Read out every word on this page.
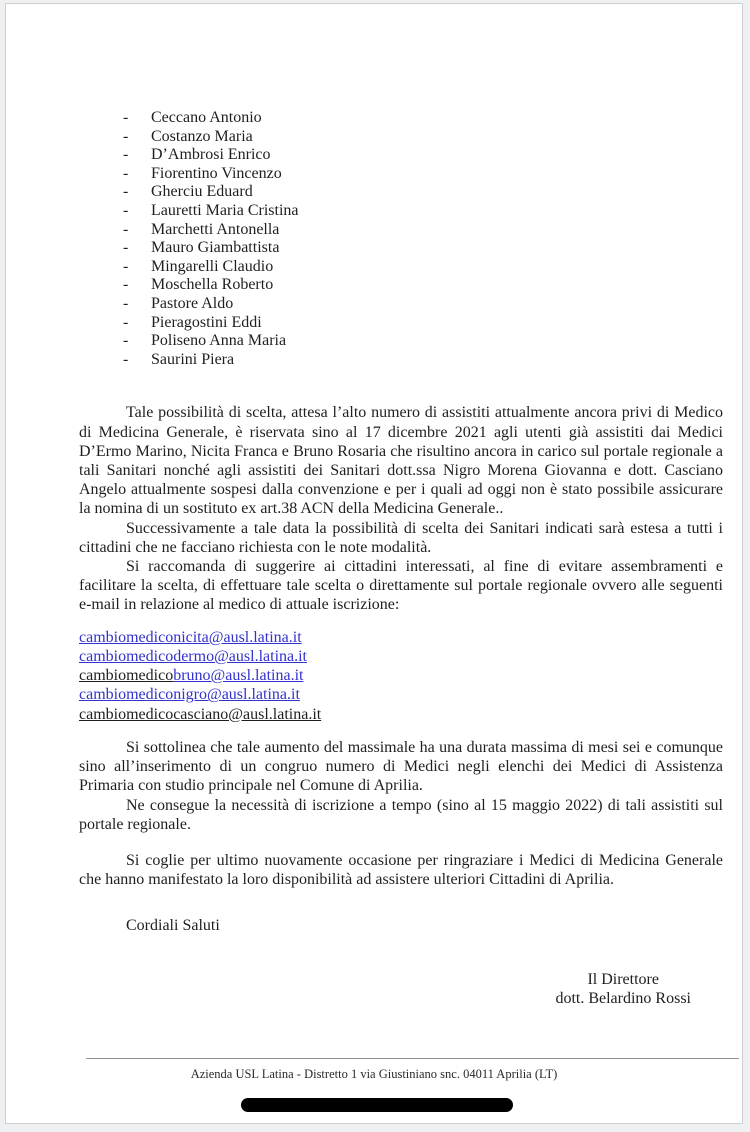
-	Ceccano Antonio
-	Costanzo Maria
-	D’Ambrosi Enrico
-	Fiorentino Vincenzo
-	Gherciu Eduard
-	Lauretti Maria Cristina
-	Marchetti Antonella
-	Mauro Giambattista
-	Mingarelli Claudio
-	Moschella Roberto
-	Pastore Aldo
-	Pieragostini Eddi
-	Poliseno Anna Maria
-	Saurini Piera

Tale possibilità di scelta, attesa l’alto numero di assistiti attualmente ancora privi di Medico di Medicina Generale, è riservata sino al 17 dicembre 2021 agli utenti già assistiti dai Medici D’Ermo Marino, Nicita Franca e Bruno Rosaria che risultino ancora in carico sul portale regionale a tali Sanitari nonché agli assistiti dei Sanitari dott.ssa Nigro Morena Giovanna e dott. Casciano Angelo attualmente sospesi dalla convenzione e per i quali ad oggi non è stato possibile assicurare la nomina di un sostituto ex art.38 ACN della Medicina Generale..

Successivamente a tale data la possibilità di scelta dei Sanitari indicati sarà estesa a tutti i cittadini che ne facciano richiesta con le note modalità.

Si raccomanda di suggerire ai cittadini interessati, al fine di evitare assembramenti e facilitare la scelta, di effettuare tale scelta o direttamente sul portale regionale ovvero alle seguenti e-mail in relazione al medico di attuale iscrizione:

cambiomediconicita@ausl.latina.it
cambiomedicodermo@ausl.latina.it
cambiomedicobruno@ausl.latina.it
cambiomediconigro@ausl.latina.it
cambiomedicocasciano@ausl.latina.it

Si sottolinea che tale aumento del massimale ha una durata massima di mesi sei e comunque sino all’inserimento di un congruo numero di Medici negli elenchi dei Medici di Assistenza Primaria con studio principale nel Comune di Aprilia.

Ne consegue la necessità di iscrizione a tempo (sino al 15 maggio 2022) di tali assistiti sul portale regionale.

Si coglie per ultimo nuovamente occasione per ringraziare i Medici di Medicina Generale che hanno manifestato la loro disponibilità ad assistere ulteriori Cittadini di Aprilia.

Cordiali Saluti
Il Direttore
dott. Belardino Rossi
Azienda USL Latina - Distretto 1 via Giustiniano snc. 04011 Aprilia (LT)
